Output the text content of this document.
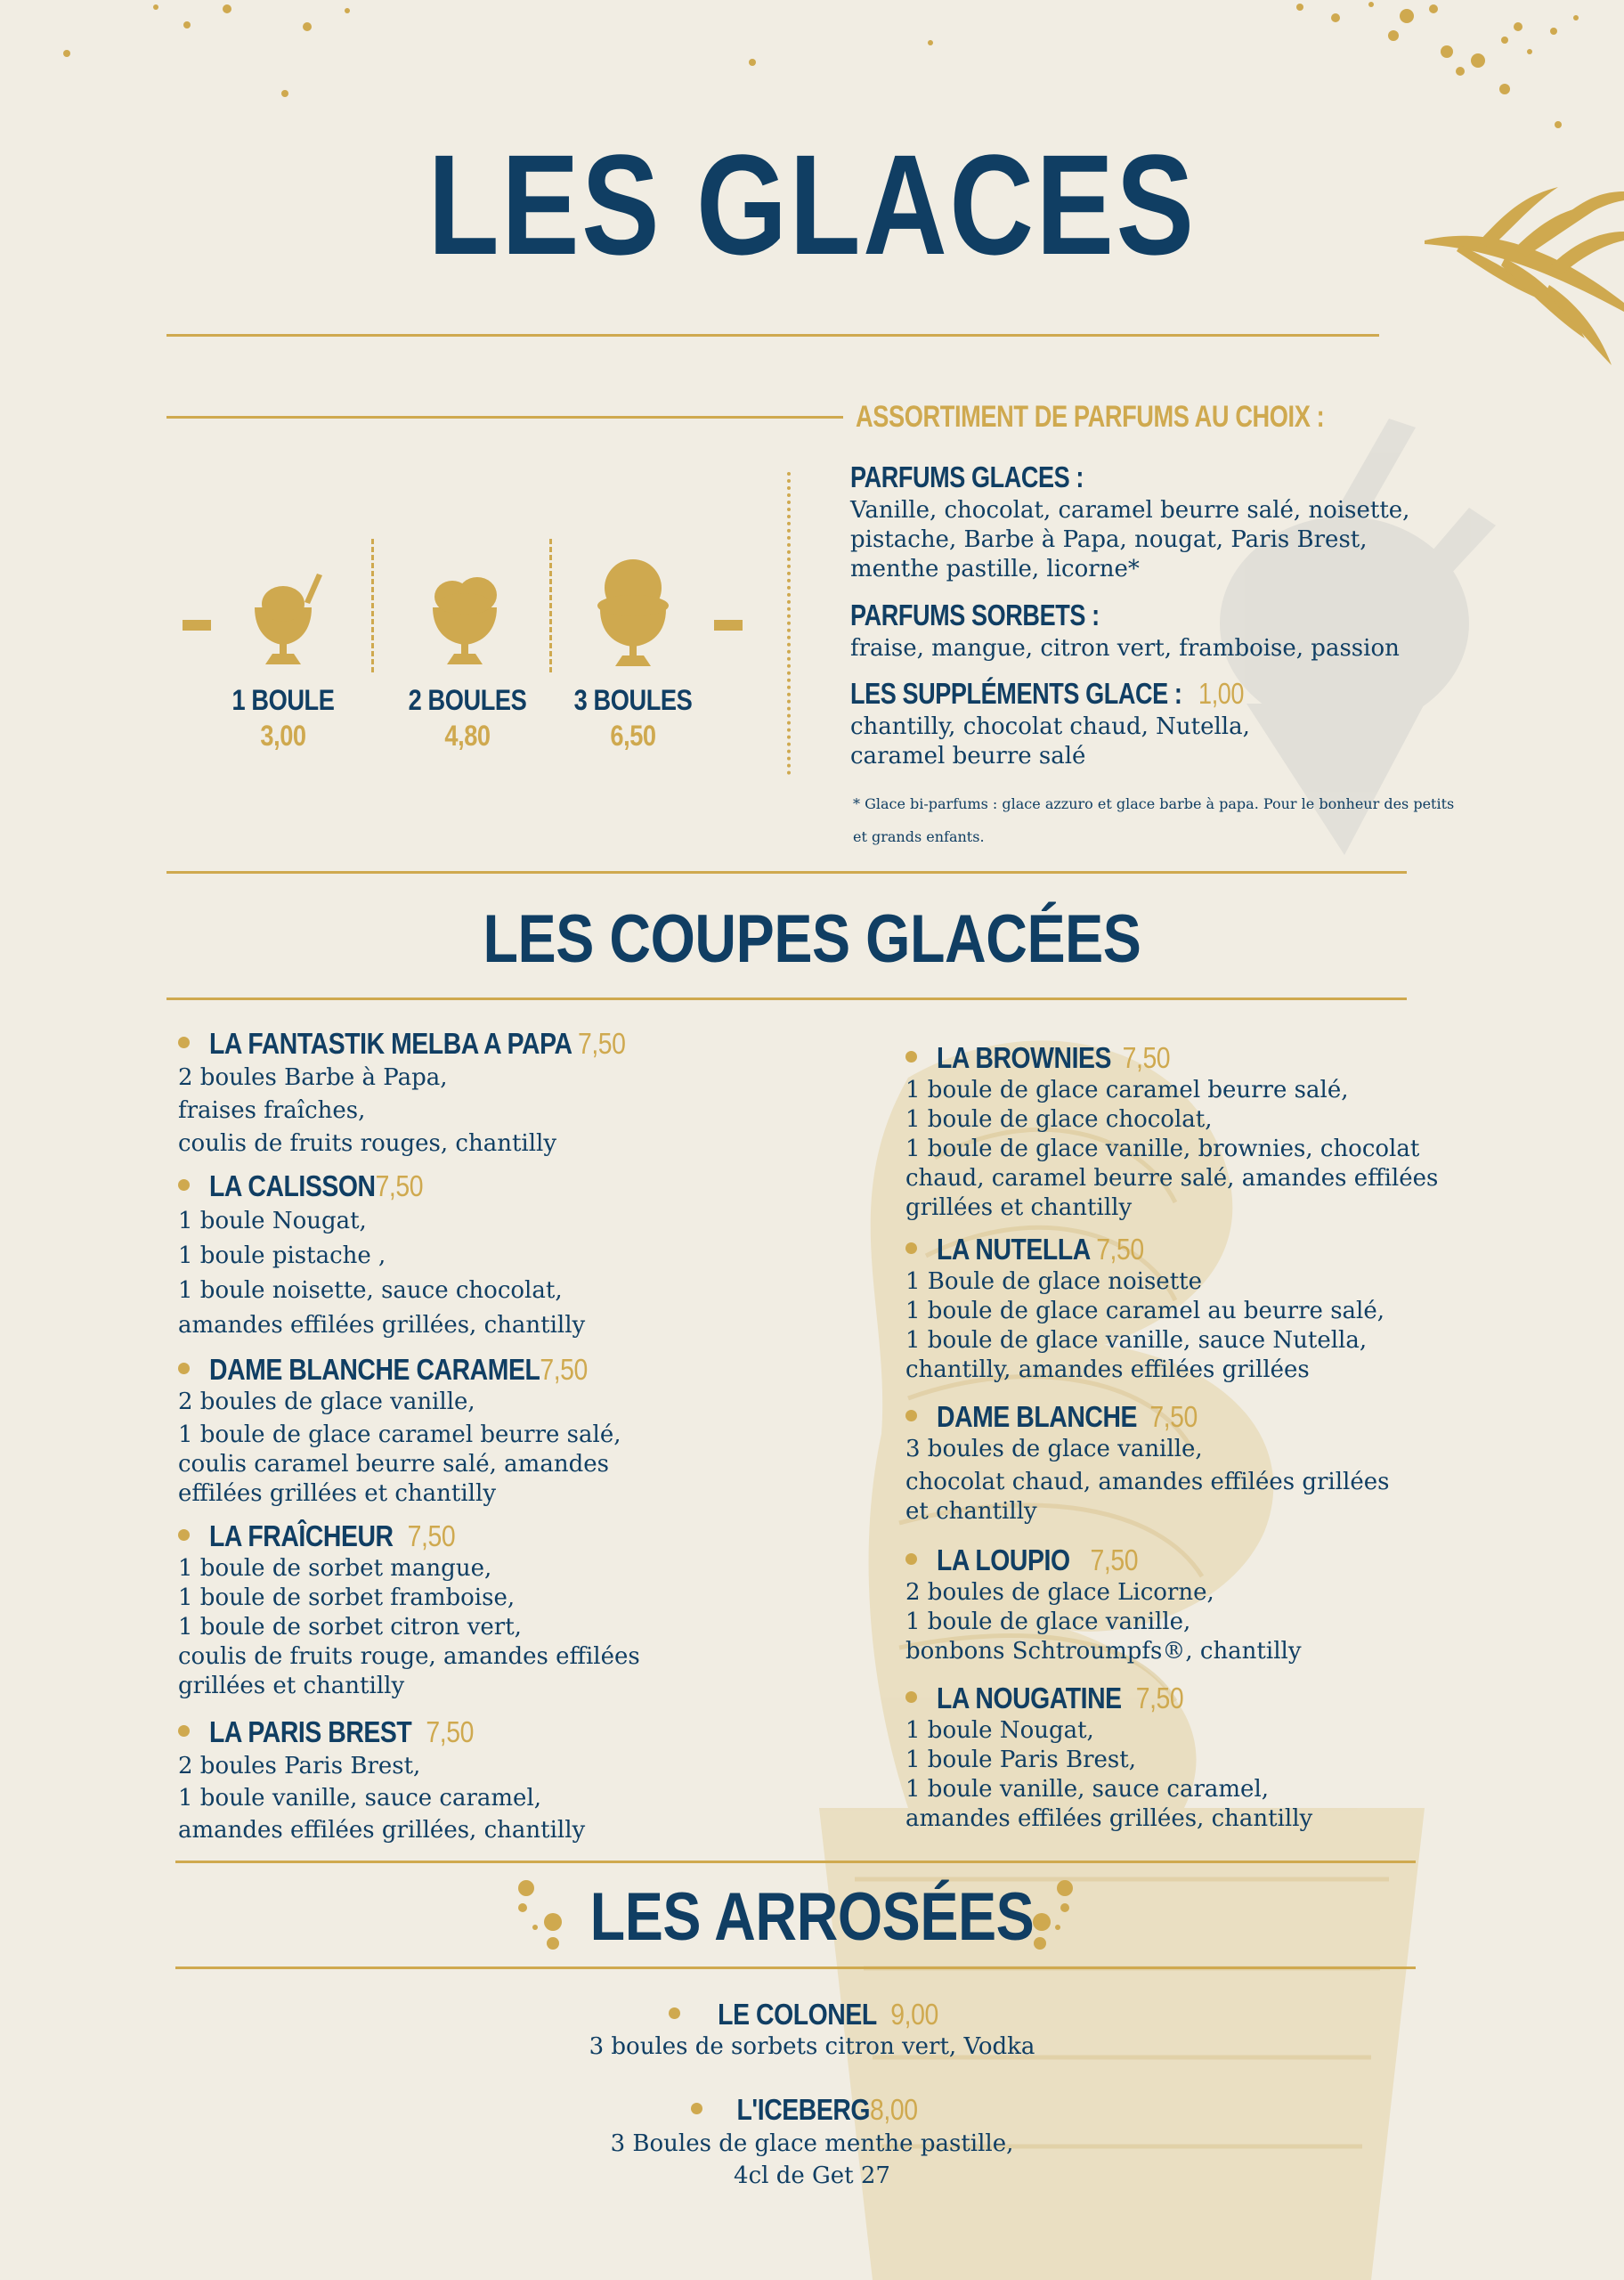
LES GLACES
1 BOULE
3,00
2 BOULES
4,80
3 BOULES
6,50
ASSORTIMENT DE PARFUMS AU CHOIX :
PARFUMS GLACES :
Vanille, chocolat, caramel beurre salé, noisette,
pistache, Barbe à Papa, nougat, Paris Brest,
menthe pastille, licorne*
PARFUMS SORBETS :
fraise, mangue, citron vert, framboise, passion
LES SUPPLÉMENTS GLACE : 1,00
chantilly, chocolat chaud, Nutella,
caramel beurre salé
* Glace bi-parfums : glace azzuro et glace barbe à papa. Pour le bonheur des petits
et grands enfants.
LES COUPES GLACÉES
LA FANTASTIK MELBA A PAPA 7,50
2 boules Barbe à Papa,
fraises fraîches,
coulis de fruits rouges, chantilly
LA CALISSON7,50
1 boule Nougat,
1 boule pistache ,
1 boule noisette, sauce chocolat,
amandes effilées grillées, chantilly
DAME BLANCHE CARAMEL7,50
2 boules de glace vanille,
1 boule de glace caramel beurre salé,
coulis caramel beurre salé, amandes
effilées grillées et chantilly
LA FRAÎCHEUR 7,50
1 boule de sorbet mangue,
1 boule de sorbet framboise,
1 boule de sorbet citron vert,
coulis de fruits rouge, amandes effilées
grillées et chantilly
LA PARIS BREST 7,50
2 boules Paris Brest,
1 boule vanille, sauce caramel,
amandes effilées grillées, chantilly
LA BROWNIES 7,50
1 boule de glace caramel beurre salé,
1 boule de glace chocolat,
1 boule de glace vanille, brownies, chocolat
chaud, caramel beurre salé, amandes effilées
grillées et chantilly
LA NUTELLA 7,50
1 Boule de glace noisette
1 boule de glace caramel au beurre salé,
1 boule de glace vanille, sauce Nutella,
chantilly, amandes effilées grillées
DAME BLANCHE 7,50
3 boules de glace vanille,
chocolat chaud, amandes effilées grillées
et chantilly
LA LOUPIO 7,50
2 boules de glace Licorne,
1 boule de glace vanille,
bonbons Schtroumpfs®, chantilly
LA NOUGATINE 7,50
1 boule Nougat,
1 boule Paris Brest,
1 boule vanille, sauce caramel,
amandes effilées grillées, chantilly
LES ARROSÉES
LE COLONEL 9,00
3 boules de sorbets citron vert, Vodka
L'ICEBERG8,00
3 Boules de glace menthe pastille,
4cl de Get 27
